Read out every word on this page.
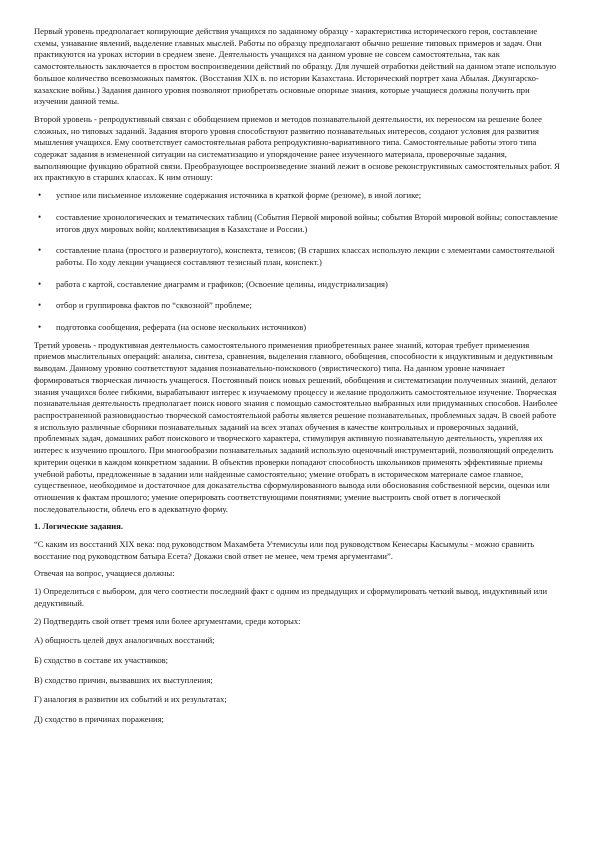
Первый уровень предполагает копирующие действия учащихся по заданному образцу - характеристика исторического героя, составление схемы, узнавание явлений, выделение главных мыслей. Работы по образцу предполагают обычно решение типовых примеров и задач. Они практикуются на уроках истории в среднем звене. Деятельность учащихся на данном уровне не совсем самостоятельна, так как самостоятельность заключается в простом воспроизведении действий по образцу. Для лучшей отработки действий на данном этапе использую большое количество всевозможных памяток. (Восстания XIX в. по истории Казахстана. Исторический портрет хана Абылая. Джунгарско-казахские войны.) Задания данного уровня позволяют приобретать основные опорные знания, которые учащиеся должны получить при изучении данной темы.

Второй уровень - репродуктивный связан с обобщением приемов и методов познавательной деятельности, их переносом на решение более сложных, но типовых заданий. Задания второго уровня способствуют развитию познавательных интересов, создают условия для развития мышления учащихся. Ему соответствует самостоятельная работа репродуктивно-вариативного типа. Самостоятельные работы этого типа содержат задания в измененной ситуации на систематизацию и упорядочение ранее изученного материала, проверочные задания, выполняющие функцию обратной связи. Преобразующее воспроизведение знаний лежит в основе реконструктивных самостоятельных работ. Я их практикую в старших классах. К ним отношу:

• устное или письменное изложение содержания источника в краткой форме (резюме), в иной логике;
• составление хронологических и тематических таблиц (События Первой мировой войны; события Второй мировой войны; сопоставление итогов двух мировых войн; коллективизация в Казахстане и России.)
• составление плана (простого и развернутого), конспекта, тезисов; (В старших классах использую лекции с элементами самостоятельной работы. По ходу лекции учащиеся составляют тезисный план, конспект.)
• работа с картой, составление диаграмм и графиков; (Освоение целины, индустриализация)
• отбор и группировка фактов по “сквозной” проблеме;
• подготовка сообщения, реферата (на основе нескольких источников)

Третий уровень - продуктивная деятельность самостоятельного применения приобретенных ранее знаний, которая требует применения приемов мыслительных операций: анализа, синтеза, сравнения, выделения главного, обобщения, способности к индуктивным и дедуктивным выводам. Данному уровню соответствуют задания познавательно-поискового (эвристического) типа. На данном уровне начинает формироваться творческая личность учащегося. Постоянный поиск новых решений, обобщения и систематизации полученных знаний, делают знания учащихся более гибкими, вырабатывают интерес к изучаемому процессу и желание продолжить самостоятельное изучение. Творческая познавательная деятельность предполагает поиск нового знания с помощью самостоятельно выбранных или придуманных способов. Наиболее распространенной разновидностью творческой самостоятельной работы является решение познавательных, проблемных задач. В своей работе я использую различные сборники познавательных заданий на всех этапах обучения в качестве контрольных и проверочных заданий, проблемных задач, домашних работ поискового и творческого характера, стимулируя активную познавательную деятельность, укрепляя их интерес к изучению прошлого. При многообразии познавательных заданий использую оценочный инструментарий, позволяющий определить критерии оценки в каждом конкретном задании. В объектив проверки попадают способность школьников применять эффективные приемы учебной работы, предложенные в задании или найденные самостоятельно; умение отобрать в историческом материале самое главное, существенное, необходимое и достаточное для доказательства сформулированного вывода или обоснования собственной версии, оценки или отношения к фактам прошлого; умение оперировать соответствующими понятиями; умение выстроить свой ответ в логической последовательности, облечь его в адекватную форму.

1. Логические задания.

“С каким из восстаний XIX века: под руководством Махамбета Утемисулы или под руководством Кенесары Касымулы - можно сравнить восстание под руководством батыра Есета? Докажи свой ответ не менее, чем тремя аргументами”.

Отвечая на вопрос, учащиеся должны:

1) Определиться с выбором, для чего соотнести последний факт с одним из предыдущих и сформулировать четкий вывод, индуктивный или дедуктивный.

2) Подтвердить свой ответ тремя или более аргументами, среди которых:

А) общность целей двух аналогичных восстаний;

Б) сходство в составе их участников;

В) сходство причин, вызвавших их выступления;

Г) аналогия в развитии их событий и их результатах;

Д) сходство в причинах поражения;
